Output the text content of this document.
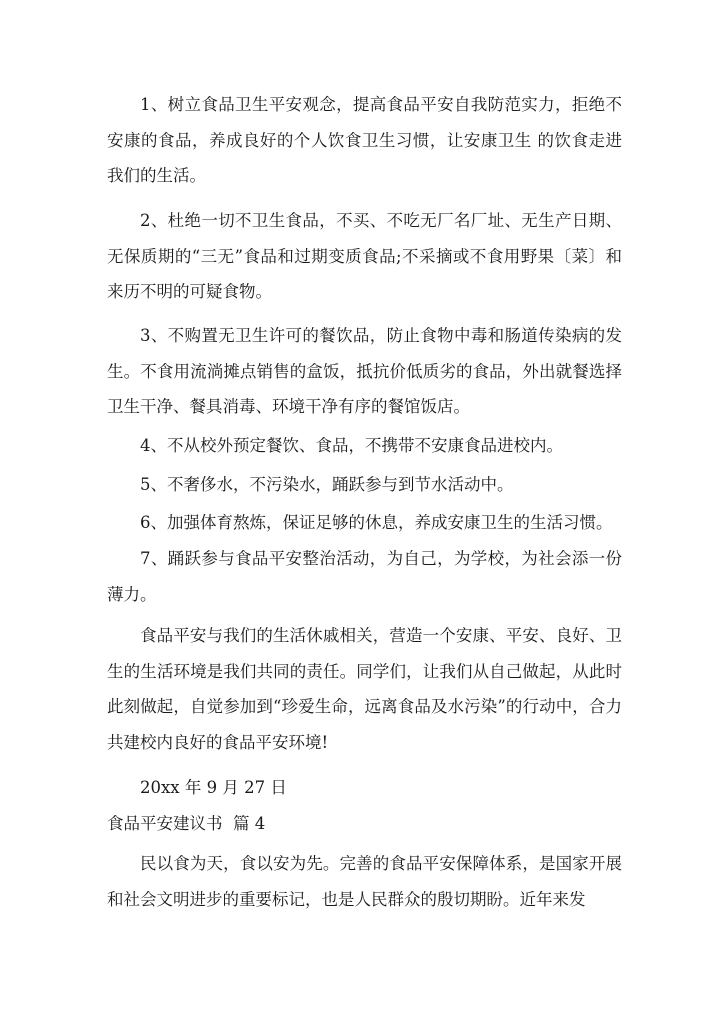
1、树立食品卫生平安观念，提高食品平安自我防范实力，拒绝不安康的食品，养成良好的个人饮食卫生习惯，让安康卫生 的饮食走进我们的生活。

2、杜绝一切不卫生食品，不买、不吃无厂名厂址、无生产日期、无保质期的“三无”食品和过期变质食品;不采摘或不食用野果〔菜〕和来历不明的可疑食物。

3、不购置无卫生许可的餐饮品，防止食物中毒和肠道传染病的发生。不食用流淌摊点销售的盒饭，抵抗价低质劣的食品，外出就餐选择卫生干净、餐具消毒、环境干净有序的餐馆饭店。

4、不从校外预定餐饮、食品，不携带不安康食品进校内。

5、不奢侈水，不污染水，踊跃参与到节水活动中。

6、加强体育熬炼，保证足够的休息，养成安康卫生的生活习惯。

7、踊跃参与食品平安整治活动，为自己，为学校，为社会添一份薄力。

食品平安与我们的生活休戚相关，营造一个安康、平安、良好、卫生的生活环境是我们共同的责任。同学们，让我们从自己做起，从此时此刻做起，自觉参加到“珍爱生命，远离食品及水污染”的行动中，合力共建校内良好的食品平安环境!

20xx 年 9 月 27 日

食品平安建议书  篇 4

民以食为天，食以安为先。完善的食品平安保障体系，是国家开展和社会文明进步的重要标记，也是人民群众的殷切期盼。近年来发
